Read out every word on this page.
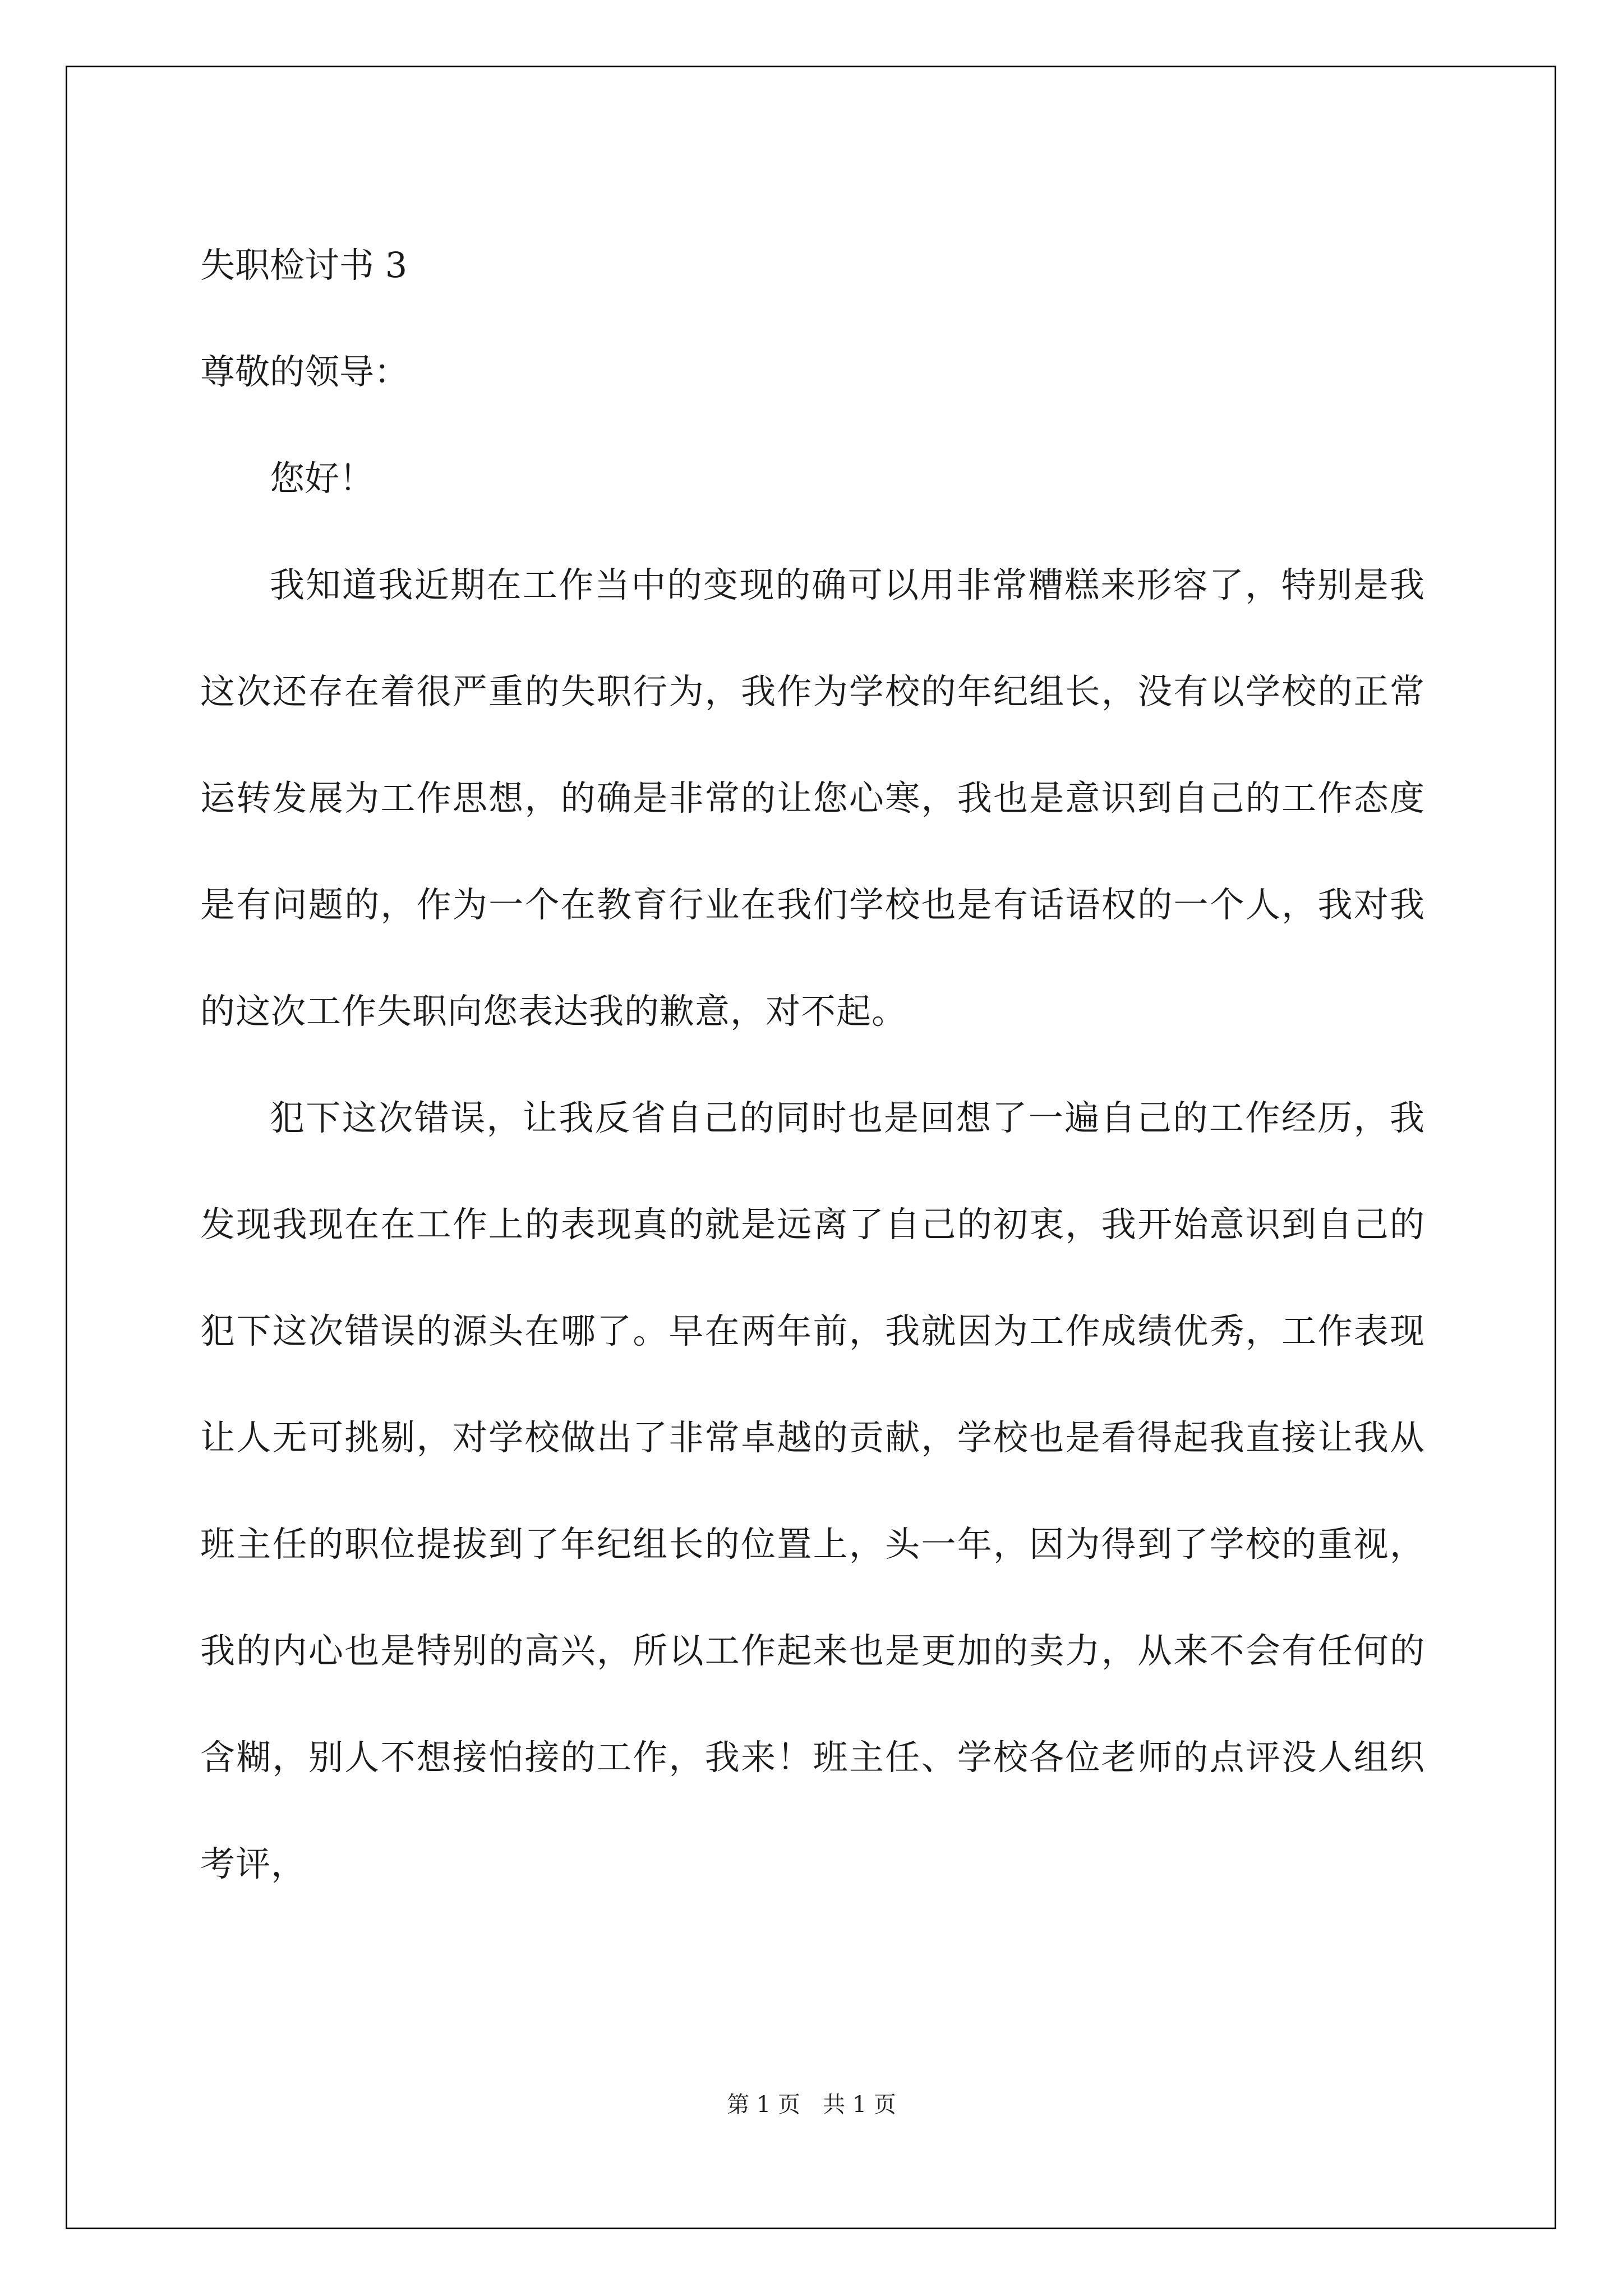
失职检讨书 3

尊敬的领导：

您好！

我知道我近期在工作当中的变现的确可以用非常糟糕来形容了，特别是我这次还存在着很严重的失职行为，我作为学校的年纪组长，没有以学校的正常运转发展为工作思想，的确是非常的让您心寒，我也是意识到自己的工作态度是有问题的，作为一个在教育行业在我们学校也是有话语权的一个人，我对我的这次工作失职向您表达我的歉意，对不起。

犯下这次错误，让我反省自己的同时也是回想了一遍自己的工作经历，我发现我现在在工作上的表现真的就是远离了自己的初衷，我开始意识到自己的犯下这次错误的源头在哪了。早在两年前，我就因为工作成绩优秀，工作表现让人无可挑剔，对学校做出了非常卓越的贡献，学校也是看得起我直接让我从班主任的职位提拔到了年纪组长的位置上，头一年，因为得到了学校的重视，我的内心也是特别的高兴，所以工作起来也是更加的卖力，从来不会有任何的含糊，别人不想接怕接的工作，我来！班主任、学校各位老师的点评没人组织考评，

第 1 页 共 1 页
